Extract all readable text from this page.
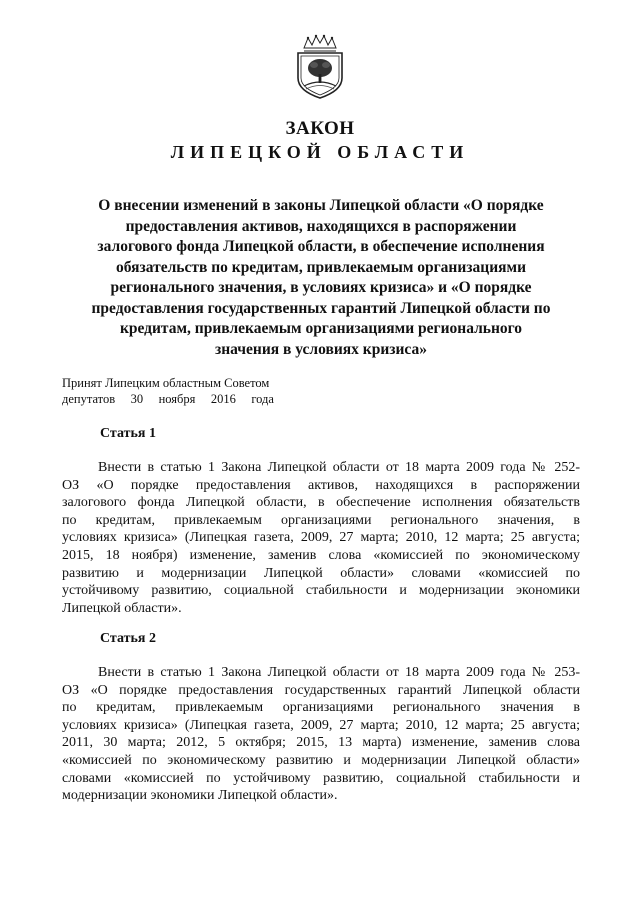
ЗАКОН
ЛИПЕЦКОЙ ОБЛАСТИ
О внесении изменений в законы Липецкой области «О порядке
предоставления активов, находящихся в распоряжении
залогового фонда Липецкой области, в обеспечение исполнения
обязательств по кредитам, привлекаемым организациями
регионального значения, в условиях кризиса» и «О порядке
предоставления государственных гарантий Липецкой области по
кредитам, привлекаемым организациями регионального
значения в условиях кризиса»
Принят Липецким областным Советом
депутатов 30 ноября 2016 года
Статья 1
Внести в статью 1 Закона Липецкой области от 18 марта 2009 года № 252-
ОЗ «О порядке предоставления активов, находящихся в распоряжении
залогового фонда Липецкой области, в обеспечение исполнения обязательств
по кредитам, привлекаемым организациями регионального значения, в
условиях кризиса» (Липецкая газета, 2009, 27 марта; 2010, 12 марта; 25 августа;
2015, 18 ноября) изменение, заменив слова «комиссией по экономическому
развитию и модернизации Липецкой области» словами «комиссией по
устойчивому развитию, социальной стабильности и модернизации экономики
Липецкой области».
Статья 2
Внести в статью 1 Закона Липецкой области от 18 марта 2009 года № 253-
ОЗ «О порядке предоставления государственных гарантий Липецкой области
по кредитам, привлекаемым организациями регионального значения в
условиях кризиса» (Липецкая газета, 2009, 27 марта; 2010, 12 марта; 25 августа;
2011, 30 марта; 2012, 5 октября; 2015, 13 марта) изменение, заменив слова
«комиссией по экономическому развитию и модернизации Липецкой области»
словами «комиссией по устойчивому развитию, социальной стабильности и
модернизации экономики Липецкой области».
